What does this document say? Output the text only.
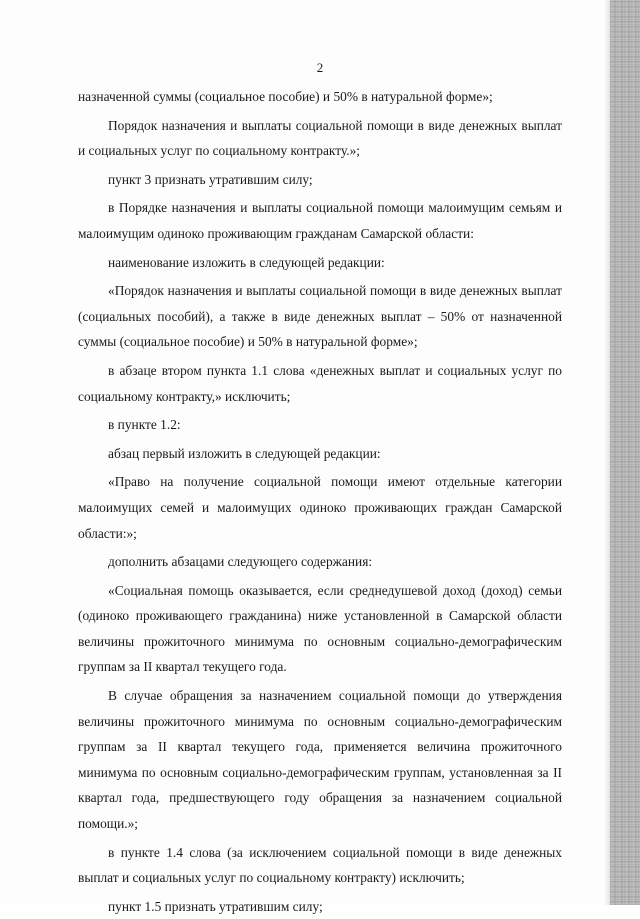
2

назначенной суммы (социальное пособие) и 50% в натуральной форме»;

Порядок назначения и выплаты социальной помощи в виде денежных выплат и социальных услуг по социальному контракту.»;

пункт 3 признать утратившим силу;

в Порядке назначения и выплаты социальной помощи малоимущим семьям и малоимущим одиноко проживающим гражданам Самарской области:

наименование изложить в следующей редакции:

«Порядок назначения и выплаты социальной помощи в виде денежных выплат (социальных пособий), а также в виде денежных выплат – 50% от назначенной суммы (социальное пособие) и 50% в натуральной форме»;

в абзаце втором пункта 1.1 слова «денежных выплат и социальных услуг по социальному контракту,» исключить;

в пункте 1.2:

абзац первый изложить в следующей редакции:

«Право на получение социальной помощи имеют отдельные категории малоимущих семей и малоимущих одиноко проживающих граждан Самарской области:»;

дополнить абзацами следующего содержания:

«Социальная помощь оказывается, если среднедушевой доход (доход) семьи (одиноко проживающего гражданина) ниже установленной в Самарской области величины прожиточного минимума по основным социально-демографическим группам за II квартал текущего года.

В случае обращения за назначением социальной помощи до утверждения величины прожиточного минимума по основным социально-демографическим группам за II квартал текущего года, применяется величина прожиточного минимума по основным социально-демографическим группам, установленная за II квартал года, предшествующего году обращения за назначением социальной помощи.»;

в пункте 1.4 слова (за исключением социальной помощи в виде денежных выплат и социальных услуг по социальному контракту) исключить;

пункт 1.5 признать утратившим силу;
